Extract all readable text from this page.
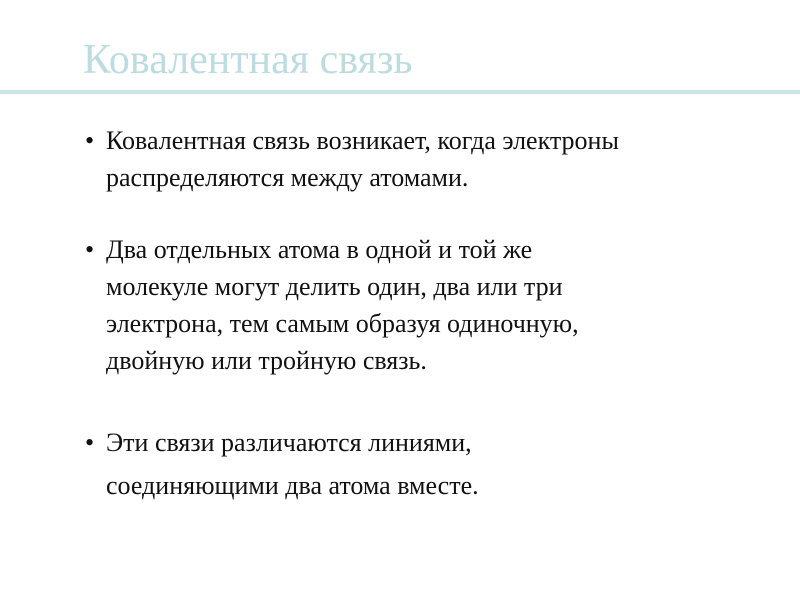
Ковалентная связь
• Ковалентная связь возникает, когда электроны
распределяются между атомами.
• Два отдельных атома в одной и той же
молекуле могут делить один, два или три
электрона, тем самым образуя одиночную,
двойную или тройную связь.
• Эти связи различаются линиями,
соединяющими два атома вместе.
